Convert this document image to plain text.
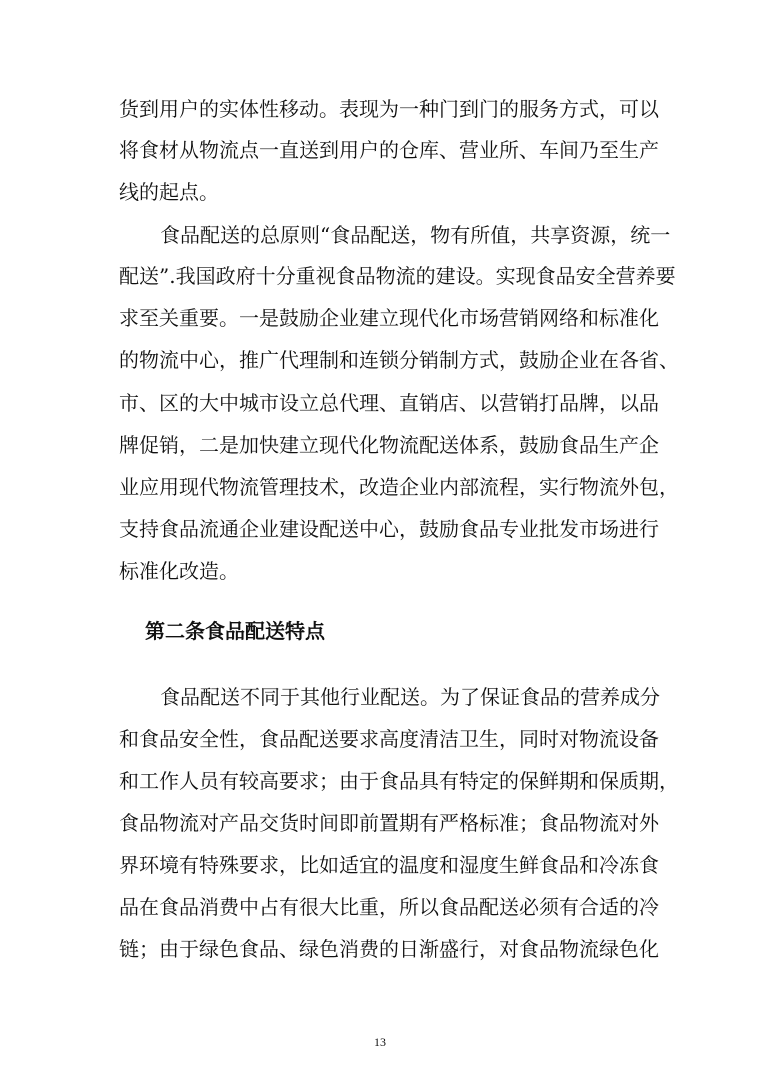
货到用户的实体性移动。表现为一种门到门的服务方式，可以
将食材从物流点一直送到用户的仓库、营业所、车间乃至生产
线的起点。
食品配送的总原则“食品配送，物有所值，共享资源，统一
配送”.我国政府十分重视食品物流的建设。实现食品安全营养要
求至关重要。一是鼓励企业建立现代化市场营销网络和标准化
的物流中心，推广代理制和连锁分销制方式，鼓励企业在各省、
市、区的大中城市设立总代理、直销店、以营销打品牌，以品
牌促销，二是加快建立现代化物流配送体系，鼓励食品生产企
业应用现代物流管理技术，改造企业内部流程，实行物流外包，
支持食品流通企业建设配送中心，鼓励食品专业批发市场进行
标准化改造。
第二条食品配送特点
食品配送不同于其他行业配送。为了保证食品的营养成分
和食品安全性，食品配送要求高度清洁卫生，同时对物流设备
和工作人员有较高要求；由于食品具有特定的保鲜期和保质期，
食品物流对产品交货时间即前置期有严格标准；食品物流对外
界环境有特殊要求，比如适宜的温度和湿度生鲜食品和冷冻食
品在食品消费中占有很大比重，所以食品配送必须有合适的冷
链；由于绿色食品、绿色消费的日渐盛行，对食品物流绿色化
13
